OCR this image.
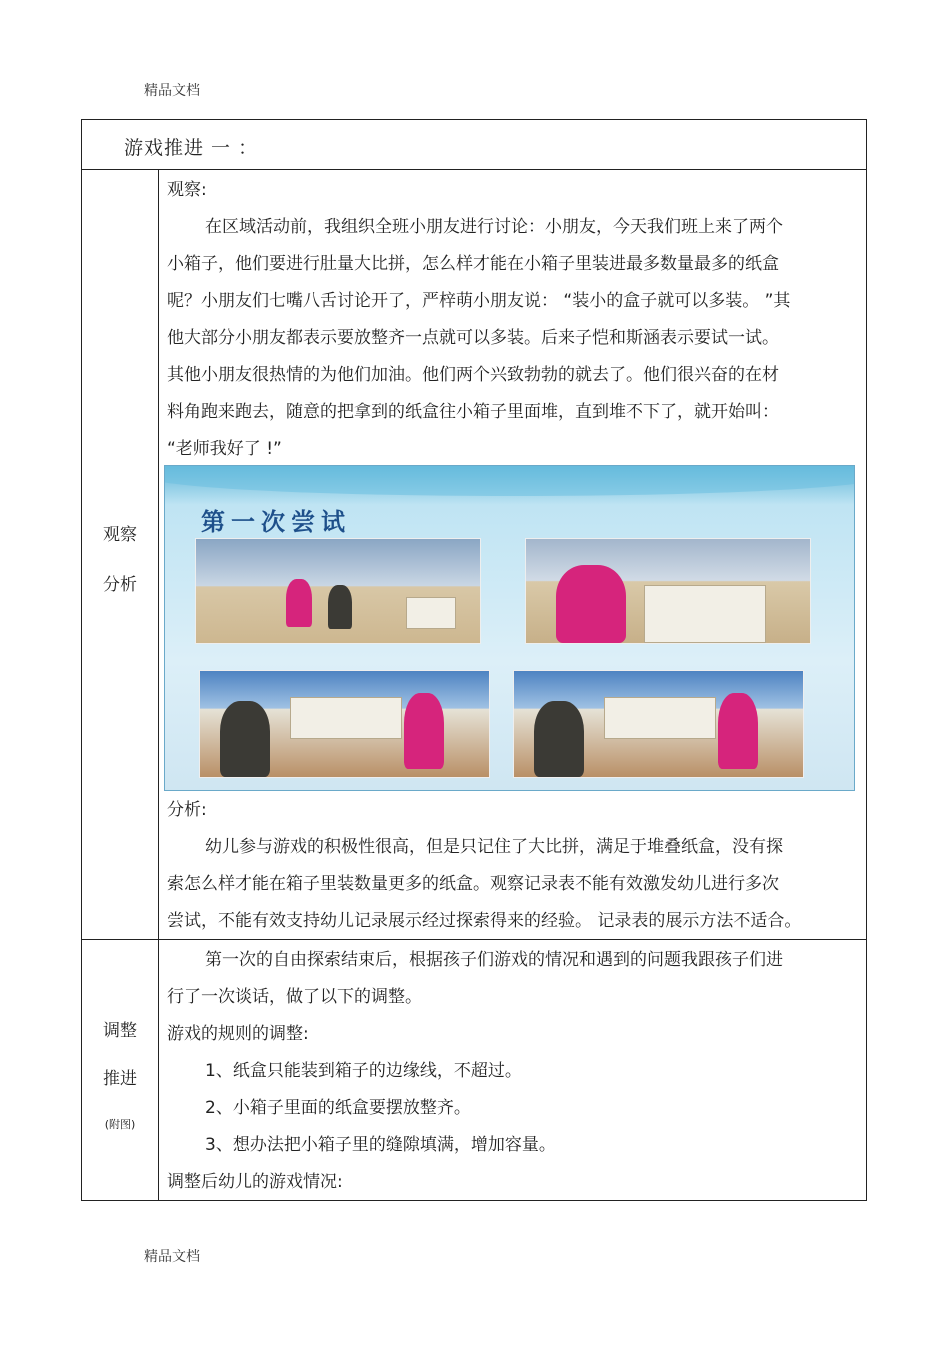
精品文档
游戏推进 一 ：
观察
分析

观察:

在区域活动前，我组织全班小朋友进行讨论：小朋友，今天我们班上来了两个

小箱子，他们要进行肚量大比拼，怎么样才能在小箱子里装进最多数量最多的纸盒

呢？小朋友们七嘴八舌讨论开了，严梓萌小朋友说： “装小的盒子就可以多装。 ”其

他大部分小朋友都表示要放整齐一点就可以多装。后来子恺和斯涵表示要试一试。

其他小朋友很热情的为他们加油。他们两个兴致勃勃的就去了。他们很兴奋的在材

料角跑来跑去，随意的把拿到的纸盒往小箱子里面堆，直到堆不下了，就开始叫：

“老师我好了 !”

第一次尝试

分析:

幼儿参与游戏的积极性很高，但是只记住了大比拼，满足于堆叠纸盒，没有探

索怎么样才能在箱子里装数量更多的纸盒。观察记录表不能有效激发幼儿进行多次

尝试，不能有效支持幼儿记录展示经过探索得来的经验。 记录表的展示方法不适合。

调整
推进
(附图)

第一次的自由探索结束后，根据孩子们游戏的情况和遇到的问题我跟孩子们进

行了一次谈话，做了以下的调整。

游戏的规则的调整:

1、纸盒只能装到箱子的边缘线，不超过。

2、小箱子里面的纸盒要摆放整齐。

3、想办法把小箱子里的缝隙填满，增加容量。

调整后幼儿的游戏情况:

精品文档
